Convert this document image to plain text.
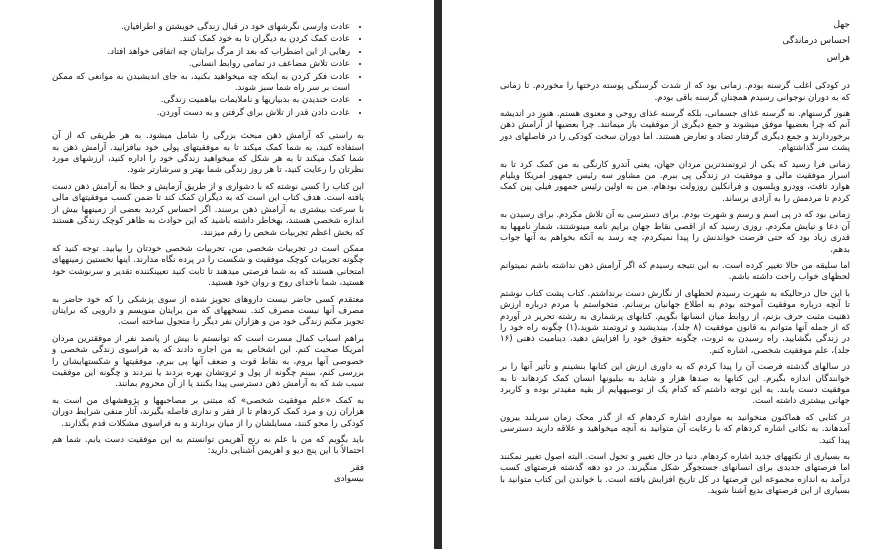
• عادت وارسی نگرشهای خود در قبال زندگی خویشتن و اطرافیان.
• عادت کمک کردن به دیگران تا به خود کمک کنند.
• رهایی از این اضطراب که بعد از مرگ برایتان چه اتفاقی خواهد افتاد.
• عادت تلاش مضاعف در تمامی روابط انسانی.
• عادت فکر کردن به اینکه چه میخواهید بکنید، به جای اندیشیدن به موانعی که ممکن است بر سر راه شما سبز شوند.
• عادت خندیدن به بدبیاریها و ناملایمات بیاهمیت زندگی.
• عادت دادن قدر از تلاش برای گرفتن و به دست آوردن.

به راستی که آرامش ذهن مبحث بزرگی را شامل میشود. به هر طریقی که از آن استفاده کنید، به شما کمک میکند تا به موفقیتهای پولی خود بیافزایید. آرامش ذهن به شما کمک میکند تا به هر شکل که میخواهید زندگی خود را اداره کنید، ارزشهای مورد نظرتان را رعایت کنید، تا هر روز زندگی شما بهتر و سرشارتر شود.

این کتاب را کسی نوشته که با دشواری و از طریق آزمایش و خطا به آرامش ذهن دست یافته است. هدف کتاب این است که به دیگران کمک کند تا ضمن کسب موفقیتهای مالی با سرعت بیشتری به آرامش ذهن برسند. اگر احساس کردید بعضی از زمینهها بیش از اندازه شخصی هستند، بهخاطر داشته باشید که این حوادث به ظاهر کوچک زندگی هستند که بخش اعظم تجربیات شخص را رقم میزنند.

ممکن است در تجربیات شخصی من، تجربیات شخصی خودتان را بیابید. توجه کنید که چگونه تجربیات کوچک موفقیت و شکست را در پرده نگاه مدارند. اینها نخستین زمینههای امتحانی هستند که به شما فرصتی میدهند تا ثابت کنید تعیینکننده تقدیر و سرنوشت خود هستید، شما ناخدای روح و روان خود هستید.

معتقدم کسی حاضر نیست داروهای تجویز شده از سوی پزشکی را که خود حاضر به مصرف آنها نیست مصرف کند. نسخههای که من برایتان منویسم و دارویی که برایتان تجویز مکنم زندگی خود من و هزاران نفر دیگر را متحول ساخته است.

براهم اسباب کمال مسرت است که توانستم با بیش از پانصد نفر از موفقترین مردان امریکا صحبت کنم. این اشخاص به من اجازه دادند که به فراسوی زندگی شخصی و خصوصی آنها بروم، به نقاط قوت و ضعف آنها پی ببرم، موفقیتها و شکستهایشان را بررسی کنم، ببینم چگونه از پول و ثروتشان بهره بردند یا نبردند و چگونه این موفقیت سبب شد که به آرامش ذهن دسترسی پیدا بکنند یا از آن محروم بمانند.

به کمک «علم موفقیت شخصی» که مبتنی بر مصاحبهها و پژوهشهای من است به هزاران زن و مرد کمک کردهام تا از فقر و نداری فاصله بگیرند، آثار منفی شرایط دوران کودکی را محو کنند، مسایلشان را از میان بردارند و به فراسوی مشکلات قدم بگذارند.

باید بگویم که من با علم به رنج آهریمن توانستم به این موفقیت دست یابم. شما هم احتمالاً با این پنج دیو و اهریمن آشنایی دارید:

فقر

بیسوادی

جهل
احساس درماندگی
هراس

در کودکی اغلب گرسنه بودم. زمانی بود که از شدت گرسنگی پوسته درختها را مخوردم. تا زمانی که به دوران نوجوانی رسیدم همچنان گرسنه باقی بودم.

هنوز گرسنهام. نه گرسنه غذای جسمانی، بلکه گرسنه غذای روحی و معنوی هستم. هنوز در اندیشه آنم که چرا بعضیها موفق میشوند و جمع دیگری از موفقیت باز میمانند. چرا بعضیها از آرامش ذهن برخوردارند و جمع دیگری گرفتار تضاد و تعارض هستند. اما دوران سخت کودکی را در فاصلهای دور پشت سر گذاشتهام.

زمانی فرا رسید که یکی از ثروتمندترین مردان جهان، یعنی آندرو کارنگی به من کمک کرد تا به اسرار موفقیت مالی و موفقیت در زندگی پی ببرم. من مشاور سه رئیس جمهور امریکا ویلیام هوارد تافت، وودرو ویلسون و فرانکلین روزولت بودهام. من به اولین رئیس جمهور فیلی پین کمک کردم تا مردمش را به آزادی برساند.

زمانی بود که در پی اسم و رسم و شهرت بودم. برای دسترسی به آن تلاش مکردم. برای رسیدن به آن دعا و نیایش مکردم. روزی رسید که از اقصی نقاط جهان برایم نامه مینوشتند، شمار نامهها به قدری زیاد بود که حتی فرصت خواندنش را پیدا نمیکردم، چه رسد به آنکه بخواهم به آنها جواب بدهم.

اما سلیقه من حالا تغییر کرده است. به این نتیجه رسیدم که اگر آرامش ذهن نداشته باشم نمیتوانم لحظهای خواب راحت داشته باشم.

با این حال درحالیکه به شهرت رسیدم لحظهای از نگارش دست برنداشتم. کتاب پشت کتاب نوشتم تا آنچه درباره موفقیت آموخته بودم به اطلاع جهانیان برسانم. متخواستم با مردم درباره ارزش ذهنیت مثبت حرف بزنم، از روابط میان انسانها بگویم. کتابهای پرشماری به رشته تحریر در آوردم که از جمله آنها متوانم به قانون موفقیت (۸ جلد)، بیندیشید و ثروتمند شوید،(۱) چگونه راه خود را در زندگی بگشایید، راه رسیدن به ثروت، چگونه حقوق خود را افزایش دهید، دینامیت ذهنی (۱۶ جلد)، علم موفقیت شخصی، اشاره کنم.

در سالهای گذشته فرصت آن را پیدا کردم که به داوری ارزش این کتابها بنشینم و تأثیر آنها را بر خوانندگان اندازه بگیرم. این کتابها به صدها هزار و شاید به بیلیونها انسان کمک کردهاند تا به موفقیت دست یابند. به این توجه داشتم که کدام یک از توصیههایم از بقیه مفیدتر بوده و کاربرد جهانی بیشتری داشته است.

در کتابی که هماکنون منخوانید به مواردی اشاره کردهام که از گذر محک زمان سربلند بیرون آمدهاند. به نکاتی اشاره کردهام که با رعایت آن متوانید به آنچه میخواهید و علاقه دارید دسترسی پیدا کنید.

به بسیاری از نکتههای جدید اشاره کردهام. دنیا در حال تغییر و تحول است. البته اصول تغییر نمکنند اما فرصتهای جدیدی برای انسانهای جستجوگر شکل منگیرند. در دو دهه گذشته فرصتهای کسب درآمد به اندازه مجموعه این فرصتها در کل تاریخ افزایش یافته است. با خواندن این کتاب متوانید با بسیاری از این فرصتهای بدیع آشنا شوید.
